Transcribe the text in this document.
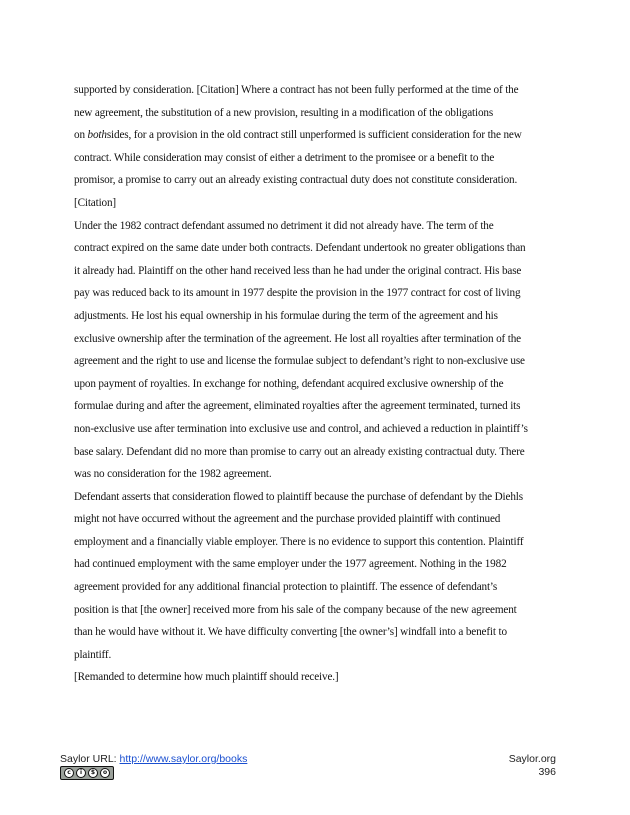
supported by consideration. [Citation] Where a contract has not been fully performed at the time of the
new agreement, the substitution of a new provision, resulting in a modification of the obligations
on bothsides, for a provision in the old contract still unperformed is sufficient consideration for the new
contract. While consideration may consist of either a detriment to the promisee or a benefit to the
promisor, a promise to carry out an already existing contractual duty does not constitute consideration.
[Citation]
Under the 1982 contract defendant assumed no detriment it did not already have. The term of the
contract expired on the same date under both contracts. Defendant undertook no greater obligations than
it already had. Plaintiff on the other hand received less than he had under the original contract. His base
pay was reduced back to its amount in 1977 despite the provision in the 1977 contract for cost of living
adjustments. He lost his equal ownership in his formulae during the term of the agreement and his
exclusive ownership after the termination of the agreement. He lost all royalties after termination of the
agreement and the right to use and license the formulae subject to defendant’s right to non-exclusive use
upon payment of royalties. In exchange for nothing, defendant acquired exclusive ownership of the
formulae during and after the agreement, eliminated royalties after the agreement terminated, turned its
non-exclusive use after termination into exclusive use and control, and achieved a reduction in plaintiff’s
base salary. Defendant did no more than promise to carry out an already existing contractual duty. There
was no consideration for the 1982 agreement.
Defendant asserts that consideration flowed to plaintiff because the purchase of defendant by the Diehls
might not have occurred without the agreement and the purchase provided plaintiff with continued
employment and a financially viable employer. There is no evidence to support this contention. Plaintiff
had continued employment with the same employer under the 1977 agreement. Nothing in the 1982
agreement provided for any additional financial protection to plaintiff. The essence of defendant’s
position is that [the owner] received more from his sale of the company because of the new agreement
than he would have without it. We have difficulty converting [the owner’s] windfall into a benefit to
plaintiff.
[Remanded to determine how much plaintiff should receive.]
Saylor URL: http://www.saylor.org/books
c	i	$	o
Saylor.org
396
